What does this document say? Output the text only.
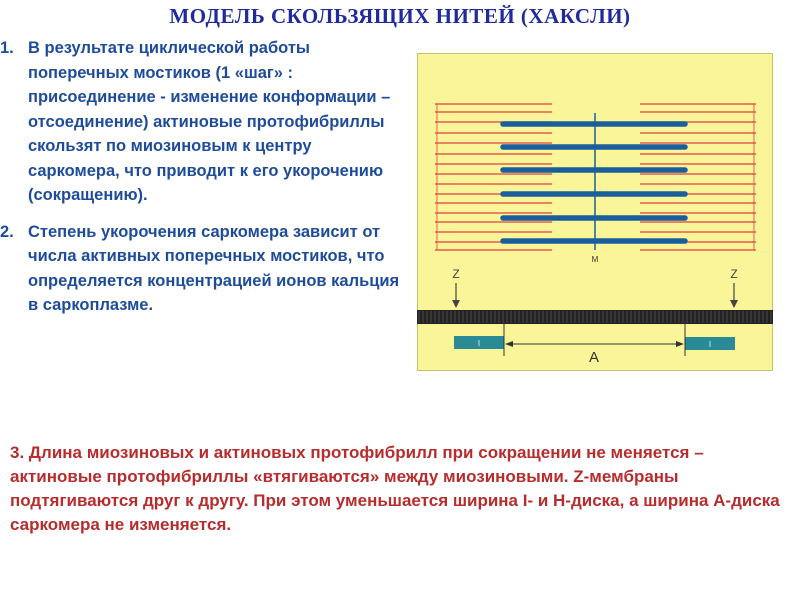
МОДЕЛЬ СКОЛЬЗЯЩИХ НИТЕЙ (ХАКСЛИ)
1. В результате циклической работы поперечных мостиков (1 «шаг» : присоединение - изменение конформации – отсоединение) актиновые протофибриллы скользят по миозиновым к центру саркомера, что приводит к его укорочению (сокращению).
2. Степень укорочения саркомера зависит от числа активных поперечных мостиков, что определяется концентрацией ионов кальция в саркоплазме.
M
Z	Z
I	I
A
3. Длина миозиновых и актиновых протофибрилл при сокращении не меняется – актиновые протофибриллы «втягиваются» между миозиновыми. Z-мембраны подтягиваются друг к другу. При этом уменьшается ширина I- и H-диска, а ширина А-диска саркомера не изменяется.
